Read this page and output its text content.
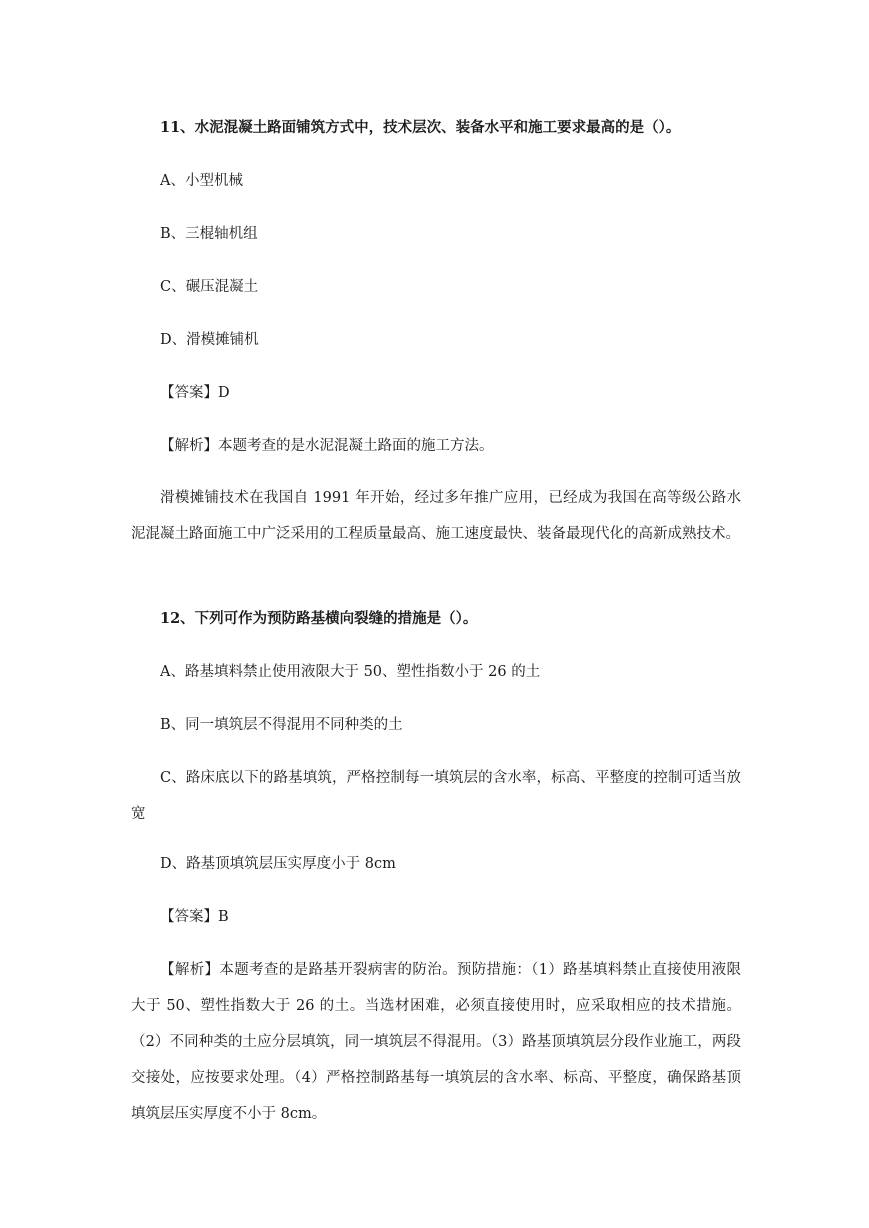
11、水泥混凝土路面铺筑方式中，技术层次、装备水平和施工要求最高的是（）。
A、小型机械
B、三棍轴机组
C、碾压混凝土
D、滑模摊铺机
【答案】D
【解析】本题考查的是水泥混凝土路面的施工方法。
滑模摊铺技术在我国自 1991 年开始，经过多年推广应用，已经成为我国在高等级公路水泥混凝土路面施工中广泛采用的工程质量最高、施工速度最快、装备最现代化的高新成熟技术。
12、下列可作为预防路基横向裂缝的措施是（）。
A、路基填料禁止使用液限大于 50、塑性指数小于 26 的土
B、同一填筑层不得混用不同种类的土
C、路床底以下的路基填筑，严格控制每一填筑层的含水率，标高、平整度的控制可适当放宽
D、路基顶填筑层压实厚度小于 8cm
【答案】B
【解析】本题考查的是路基开裂病害的防治。预防措施：（1）路基填料禁止直接使用液限大于 50、塑性指数大于 26 的土。当选材困难，必须直接使用时，应采取相应的技术措施。（2）不同种类的土应分层填筑，同一填筑层不得混用。（3）路基顶填筑层分段作业施工，两段交接处，应按要求处理。（4）严格控制路基每一填筑层的含水率、标高、平整度，确保路基顶填筑层压实厚度不小于 8cm。
